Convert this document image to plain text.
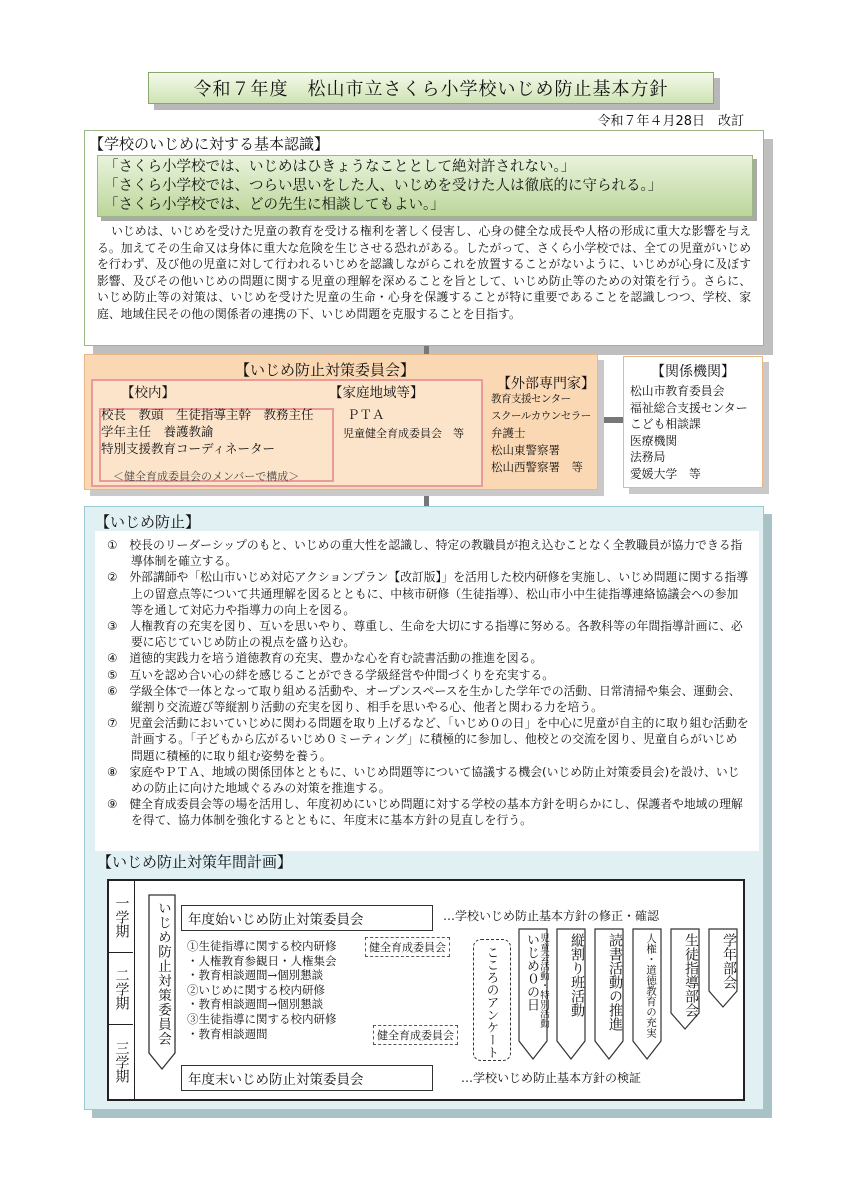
令和７年度　松山市立さくら小学校いじめ防止基本方針
令和７年４月28日　改訂
【学校のいじめに対する基本認識】
「さくら小学校では、いじめはひきょうなこととして絶対許されない。」
「さくら小学校では、つらい思いをした人、いじめを受けた人は徹底的に守られる。」
「さくら小学校では、どの先生に相談してもよい。」
いじめは、いじめを受けた児童の教育を受ける権利を著しく侵害し、心身の健全な成長や人格の形成に重大な影響を与える。加えてその生命又は身体に重大な危険を生じさせる恐れがある。したがって、さくら小学校では、全ての児童がいじめを行わず、及び他の児童に対して行われるいじめを認識しながらこれを放置することがないように、いじめが心身に及ぼす影響、及びその他いじめの問題に関する児童の理解を深めることを旨として、いじめ防止等のための対策を行う。さらに、いじめ防止等の対策は、いじめを受けた児童の生命・心身を保護することが特に重要であることを認識しつつ、学校、家庭、地域住民その他の関係者の連携の下、いじめ問題を克服することを目指す。
【いじめ防止対策委員会】
【校内】	【家庭地域等】
校長　教頭　生徒指導主幹　教務主任
学年主任　養護教諭
特別支援教育コーディネーター
ＰＴＡ
児童健全育成委員会　等
＜健全育成委員会のメンバーで構成＞
【外部専門家】
教育支援センター
スクールカウンセラー
弁護士
松山東警察署
松山西警察署　等
【関係機関】
松山市教育委員会
福祉総合支援センター
こども相談課
医療機関
法務局
愛媛大学　等
【いじめ防止】
①　校長のリーダーシップのもと、いじめの重大性を認識し、特定の教職員が抱え込むことなく全教職員が協力できる指導体制を確立する。
②　外部講師や「松山市いじめ対応アクションプラン【改訂版】」を活用した校内研修を実施し、いじめ問題に関する指導上の留意点等について共通理解を図るとともに、中核市研修（生徒指導）、松山市小中生徒指導連絡協議会への参加等を通して対応力や指導力の向上を図る。
③　人権教育の充実を図り、互いを思いやり、尊重し、生命を大切にする指導に努める。各教科等の年間指導計画に、必要に応じていじめ防止の視点を盛り込む。
④　道徳的実践力を培う道徳教育の充実、豊かな心を育む読書活動の推進を図る。
⑤　互いを認め合い心の絆を感じることができる学級経営や仲間づくりを充実する。
⑥　学級全体で一体となって取り組める活動や、オープンスペースを生かした学年での活動、日常清掃や集会、運動会、縦割り交流遊び等縦割り活動の充実を図り、相手を思いやる心、他者と関わる力を培う。
⑦　児童会活動においていじめに関わる問題を取り上げるなど、「いじめ０の日」を中心に児童が自主的に取り組む活動を計画する。「子どもから広がるいじめ０ミーティング」に積極的に参加し、他校との交流を図り、児童自らがいじめ問題に積極的に取り組む姿勢を養う。
⑧　家庭やＰＴＡ、地域の関係団体とともに、いじめ問題等について協議する機会(いじめ防止対策委員会)を設け、いじめの防止に向けた地域ぐるみの対策を推進する。
⑨　健全育成委員会等の場を活用し、年度初めにいじめ問題に対する学校の基本方針を明らかにし、保護者や地域の理解を得て、協力体制を強化するとともに、年度末に基本方針の見直しを行う。
【いじめ防止対策年間計画】
一学期
二学期
三学期
いじめ防止対策委員会	年度始いじめ防止対策委員会	…学校いじめ防止基本方針の修正・確認
①生徒指導に関する校内研修
・人権教育参観日・人権集会
・教育相談週間→個別懇談
②いじめに関する校内研修
・教育相談週間→個別懇談
③生徒指導に関する校内研修
・教育相談週間
健全育成委員会
健全育成委員会
年度末いじめ防止対策委員会	…学校いじめ防止基本方針の検証
こころのアンケート いじめ０の日 児童会活動・特別活動 縦割り班活動 読書活動の推進 人権・道徳教育の充実 生徒指導部会 学年部会
